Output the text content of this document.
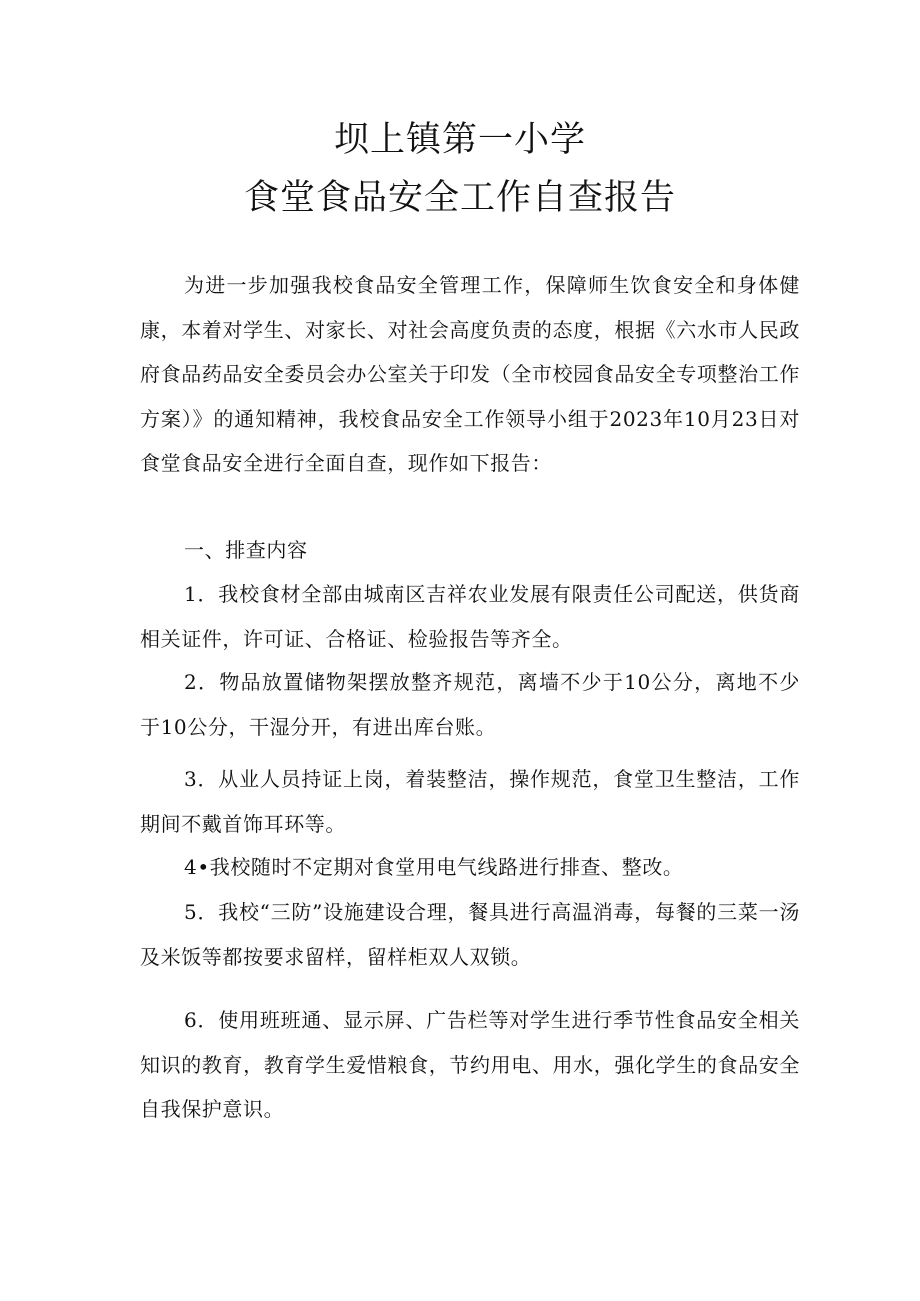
坝上镇第一小学
食堂食品安全工作自查报告

为进一步加强我校食品安全管理工作，保障师生饮食安全和身体健康，本着对学生、对家长、对社会高度负责的态度，根据《六水市人民政府食品药品安全委员会办公室关于印发（全市校园食品安全专项整治工作方案）》的通知精神，我校食品安全工作领导小组于2023年10月23日对食堂食品安全进行全面自查，现作如下报告：

一、排查内容

1．我校食材全部由城南区吉祥农业发展有限责任公司配送，供货商相关证件，许可证、合格证、检验报告等齐全。

2．物品放置储物架摆放整齐规范，离墙不少于10公分，离地不少于10公分，干湿分开，有进出库台账。

3．从业人员持证上岗，着装整洁，操作规范，食堂卫生整洁，工作期间不戴首饰耳环等。

4•我校随时不定期对食堂用电气线路进行排查、整改。

5．我校“三防”设施建设合理，餐具进行高温消毒，每餐的三菜一汤及米饭等都按要求留样，留样柜双人双锁。

6．使用班班通、显示屏、广告栏等对学生进行季节性食品安全相关知识的教育，教育学生爱惜粮食，节约用电、用水，强化学生的食品安全自我保护意识。
